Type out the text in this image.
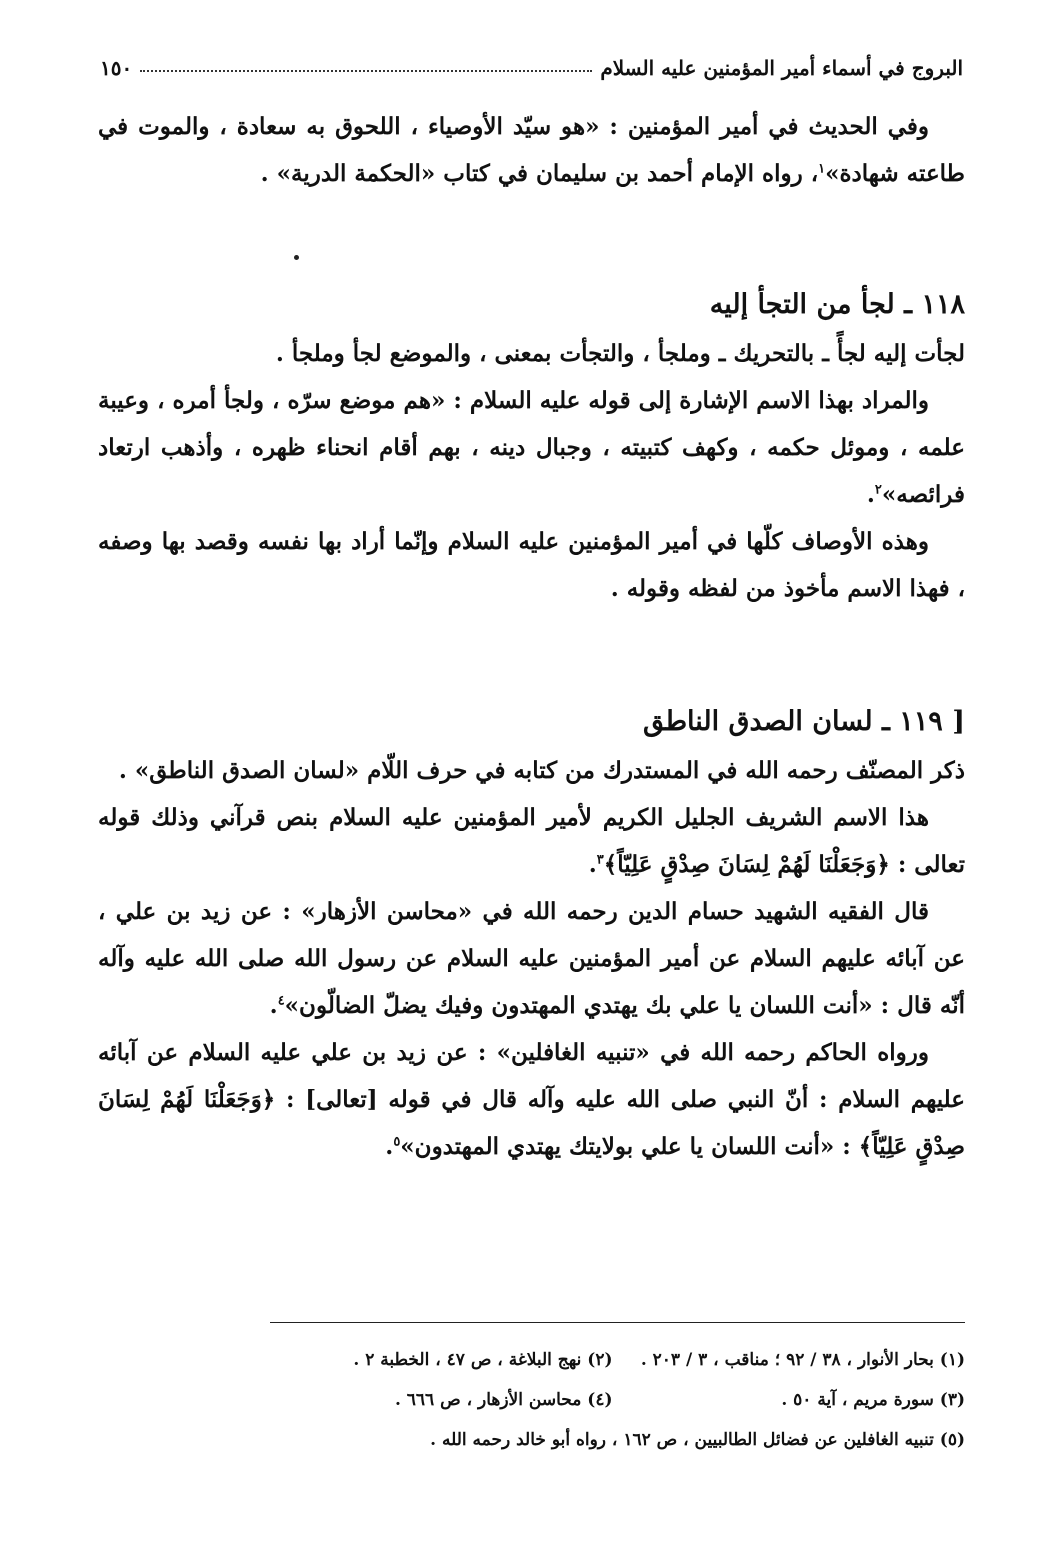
البروج في أسماء أمير المؤمنين عليه السلام
١٥٠

وفي الحديث في أمير المؤمنين : «هو سيّد الأوصياء ، اللحوق به سعادة ، والموت في طاعته شهادة»$^١$، رواه الإمام أحمد بن سليمان في كتاب «الحكمة الدرية» .

١١٨ ـ لجأ من التجأ إليه

لجأت إليه لجأً ـ بالتحريك ـ وملجأ ، والتجأت بمعنى ، والموضع لجأ وملجأ .

والمراد بهذا الاسم الإشارة إلى قوله عليه السلام : «هم موضع سرّه ، ولجأ أمره ، وعيبة علمه ، وموئل حكمه ، وكهف كتبيته ، وجبال دينه ، بهم أقام انحناء ظهره ، وأذهب ارتعاد فرائصه»$^٢$.

وهذه الأوصاف كلّها في أمير المؤمنين عليه السلام وإنّما أراد بها نفسه وقصد بها وصفه ، فهذا الاسم مأخوذ من لفظه وقوله .

[ ١١٩ ـ لسان الصدق الناطق

ذكر المصنّف رحمه الله في المستدرك من كتابه في حرف اللّام «لسان الصدق الناطق» .

هذا الاسم الشريف الجليل الكريم لأمير المؤمنين عليه السلام بنص قرآني وذلك قوله تعالى : ﴿وَجَعَلْنَا لَهُمْ لِسَانَ صِدْقٍ عَلِيّاً﴾$^٣$.

قال الفقيه الشهيد حسام الدين رحمه الله في «محاسن الأزهار» : عن زيد بن علي ، عن آبائه عليهم السلام عن أمير المؤمنين عليه السلام عن رسول الله صلى الله عليه وآله أنّه قال : «أنت اللسان يا علي بك يهتدي المهتدون وفيك يضلّ الضالّون»$^٤$.

ورواه الحاكم رحمه الله في «تنبيه الغافلين» : عن زيد بن علي عليه السلام عن آبائه عليهم السلام : أنّ النبي صلى الله عليه وآله قال في قوله [تعالى] : ﴿وَجَعَلْنَا لَهُمْ لِسَانَ صِدْقٍ عَلِيّاً﴾ : «أنت اللسان يا علي بولايتك يهتدي المهتدون»$^٥$.

(١) بحار الأنوار ، ٣٨ / ٩٢ ؛ مناقب ، ٣ / ٢٠٣ .
(٢) نهج البلاغة ، ص ٤٧ ، الخطبة ٢ .
(٣) سورة مريم ، آية ٥٠ .
(٤) محاسن الأزهار ، ص ٦٦٦ .
(٥) تنبيه الغافلين عن فضائل الطالبيين ، ص ١٦٢ ، رواه أبو خالد رحمه الله .
